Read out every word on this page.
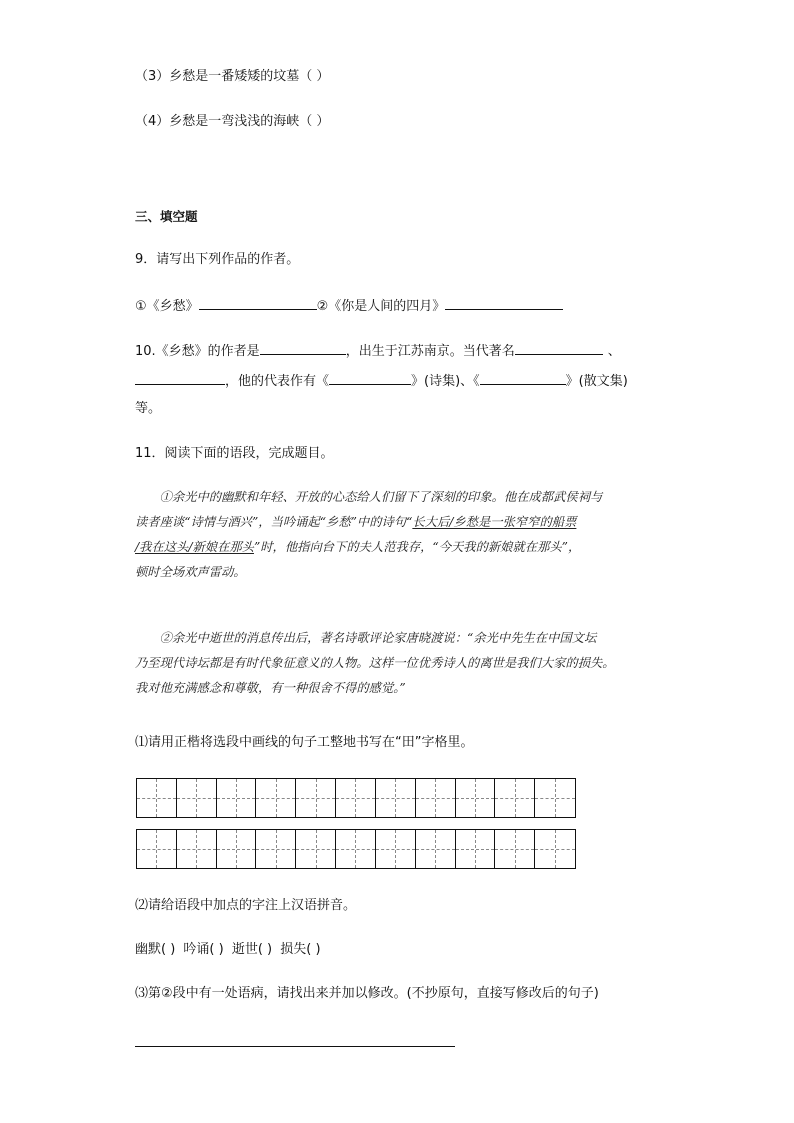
（3）乡愁是一番矮矮的坟墓（ ）
（4）乡愁是一弯浅浅的海峡（ ）
三、填空题
9．请写出下列作品的作者。
①《乡愁》	②《你是人间的四月》
10.《乡愁》的作者是	，出生于江苏南京。当代著名	、
，他的代表作有《	》(诗集)、《	》(散文集)
等。
11．阅读下面的语段，完成题目。
①余光中的幽默和年轻、开放的心态给人们留下了深刻的印象。他在成都武侯祠与
读者座谈“诗情与酒兴”，当吟诵起“乡愁”中的诗句“长大后/乡愁是一张窄窄的船票
/我在这头/新娘在那头”时，他指向台下的夫人范我存，“今天我的新娘就在那头”，
顿时全场欢声雷动。
②余光中逝世的消息传出后，著名诗歌评论家唐晓渡说：“余光中先生在中国文坛
乃至现代诗坛都是有时代象征意义的人物。这样一位优秀诗人的离世是我们大家的损失。
我对他充满感念和尊敬，有一种很舍不得的感觉。”
⑴请用正楷将选段中画线的句子工整地书写在“田”字格里。
⑵请给语段中加点的字注上汉语拼音。
幽默( ) 吟诵( ) 逝世( ) 损失( )
⑶第②段中有一处语病，请找出来并加以修改。(不抄原句，直接写修改后的句子)
